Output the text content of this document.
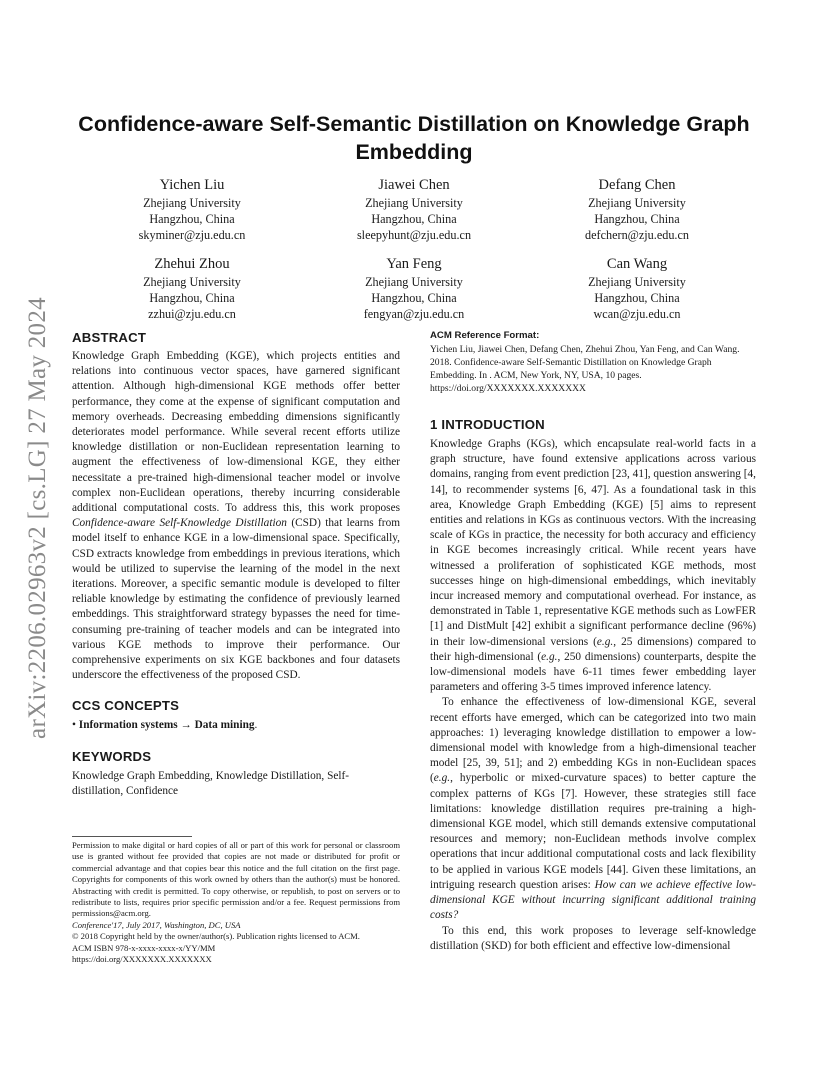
arXiv:2206.02963v2 [cs.LG] 27 May 2024
Confidence-aware Self-Semantic Distillation on Knowledge Graph Embedding
Yichen Liu
Zhejiang University
Hangzhou, China
skyminer@zju.edu.cn
Jiawei Chen
Zhejiang University
Hangzhou, China
sleepyhunt@zju.edu.cn
Defang Chen
Zhejiang University
Hangzhou, China
defchern@zju.edu.cn
Zhehui Zhou
Zhejiang University
Hangzhou, China
zzhui@zju.edu.cn
Yan Feng
Zhejiang University
Hangzhou, China
fengyan@zju.edu.cn
Can Wang
Zhejiang University
Hangzhou, China
wcan@zju.edu.cn
ABSTRACT

Knowledge Graph Embedding (KGE), which projects entities and relations into continuous vector spaces, have garnered significant attention. Although high-dimensional KGE methods offer better performance, they come at the expense of significant computation and memory overheads. Decreasing embedding dimensions significantly deteriorates model performance. While several recent efforts utilize knowledge distillation or non-Euclidean representation learning to augment the effectiveness of low-dimensional KGE, they either necessitate a pre-trained high-dimensional teacher model or involve complex non-Euclidean operations, thereby incurring considerable additional computational costs. To address this, this work proposes Confidence-aware Self-Knowledge Distillation (CSD) that learns from model itself to enhance KGE in a low-dimensional space. Specifically, CSD extracts knowledge from embeddings in previous iterations, which would be utilized to supervise the learning of the model in the next iterations. Moreover, a specific semantic module is developed to filter reliable knowledge by estimating the confidence of previously learned embeddings. This straightforward strategy bypasses the need for time-consuming pre-training of teacher models and can be integrated into various KGE methods to improve their performance. Our comprehensive experiments on six KGE backbones and four datasets underscore the effectiveness of the proposed CSD.

CCS CONCEPTS
• Information systems → Data mining.
KEYWORDS

Knowledge Graph Embedding, Knowledge Distillation, Self-distillation, Confidence

Permission to make digital or hard copies of all or part of this work for personal or classroom use is granted without fee provided that copies are not made or distributed for profit or commercial advantage and that copies bear this notice and the full citation on the first page. Copyrights for components of this work owned by others than the author(s) must be honored. Abstracting with credit is permitted. To copy otherwise, or republish, to post on servers or to redistribute to lists, requires prior specific permission and/or a fee. Request permissions from permissions@acm.org.
Conference'17, July 2017, Washington, DC, USA
© 2018 Copyright held by the owner/author(s). Publication rights licensed to ACM.
ACM ISBN 978-x-xxxx-xxxx-x/YY/MM
https://doi.org/XXXXXXX.XXXXXXX
ACM Reference Format:
Yichen Liu, Jiawei Chen, Defang Chen, Zhehui Zhou, Yan Feng, and Can Wang. 2018. Confidence-aware Self-Semantic Distillation on Knowledge Graph Embedding. In . ACM, New York, NY, USA, 10 pages. https://doi.org/XXXXXXX.XXXXXXX
1 INTRODUCTION

Knowledge Graphs (KGs), which encapsulate real-world facts in a graph structure, have found extensive applications across various domains, ranging from event prediction [23, 41], question answering [4, 14], to recommender systems [6, 47]. As a foundational task in this area, Knowledge Graph Embedding (KGE) [5] aims to represent entities and relations in KGs as continuous vectors. With the increasing scale of KGs in practice, the necessity for both accuracy and efficiency in KGE becomes increasingly critical. While recent years have witnessed a proliferation of sophisticated KGE methods, most successes hinge on high-dimensional embeddings, which inevitably incur increased memory and computational overhead. For instance, as demonstrated in Table 1, representative KGE methods such as LowFER [1] and DistMult [42] exhibit a significant performance decline (96%) in their low-dimensional versions (e.g., 25 dimensions) compared to their high-dimensional (e.g., 250 dimensions) counterparts, despite the low-dimensional models have 6-11 times fewer embedding layer parameters and offering 3-5 times improved inference latency.

To enhance the effectiveness of low-dimensional KGE, several recent efforts have emerged, which can be categorized into two main approaches: 1) leveraging knowledge distillation to empower a low-dimensional model with knowledge from a high-dimensional teacher model [25, 39, 51]; and 2) embedding KGs in non-Euclidean spaces (e.g., hyperbolic or mixed-curvature spaces) to better capture the complex patterns of KGs [7]. However, these strategies still face limitations: knowledge distillation requires pre-training a high-dimensional KGE model, which still demands extensive computational resources and memory; non-Euclidean methods involve complex operations that incur additional computational costs and lack flexibility to be applied in various KGE models [44]. Given these limitations, an intriguing research question arises: How can we achieve effective low-dimensional KGE without incurring significant additional training costs?

To this end, this work proposes to leverage self-knowledge distillation (SKD) for both efficient and effective low-dimensional
